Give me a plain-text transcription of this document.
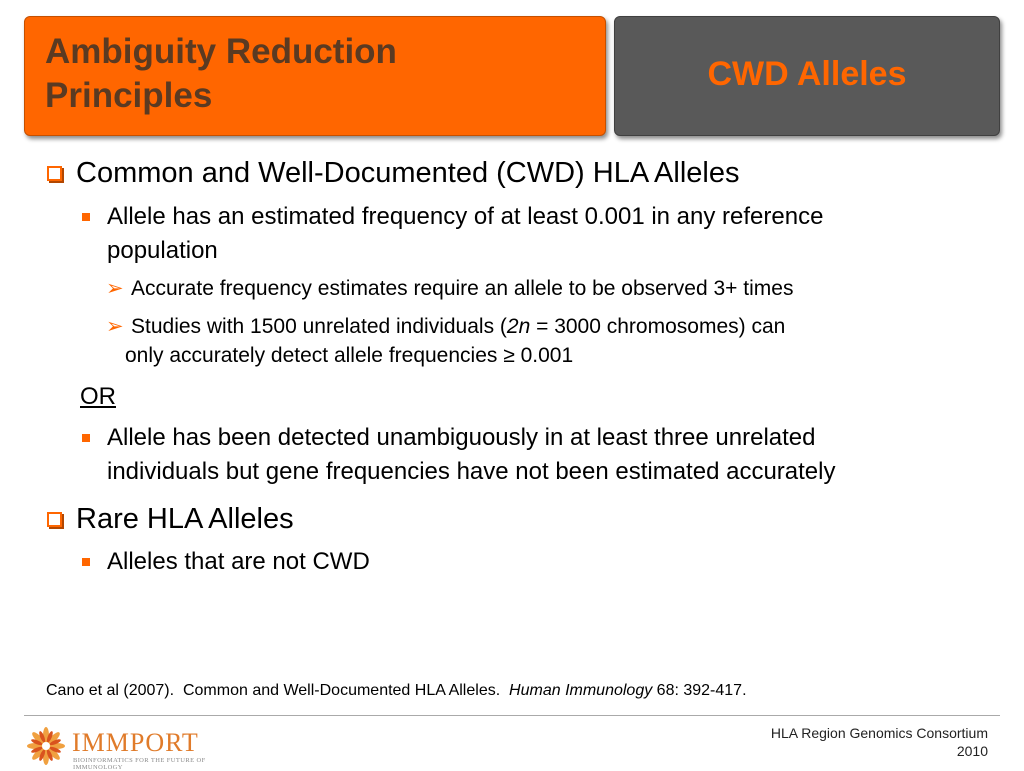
Ambiguity Reduction
Principles
CWD Alleles
Common and Well-Documented (CWD) HLA Alleles
Allele has an estimated frequency of at least 0.001 in any reference
population
➢ Accurate frequency estimates require an allele to be observed 3+ times
➢ Studies with 1500 unrelated individuals (2n = 3000 chromosomes) can
only accurately detect allele frequencies ≥ 0.001
OR
Allele has been detected unambiguously in at least three unrelated
individuals but gene frequencies have not been estimated accurately
Rare HLA Alleles
Alleles that are not CWD
Cano et al (2007).  Common and Well-Documented HLA Alleles.  Human Immunology 68: 392-417.
IMMPORT
BIOINFORMATICS FOR THE FUTURE OF IMMUNOLOGY
HLA Region Genomics Consortium
2010
